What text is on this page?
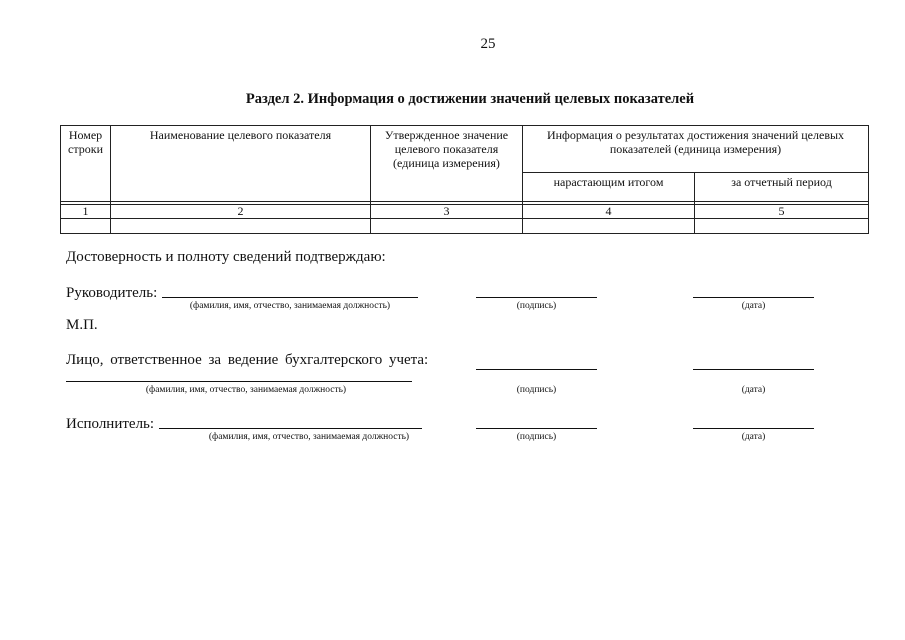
25
Раздел 2. Информация о достижении значений целевых показателей
Номер строки	Наименование целевого показателя	Утвержденное значение целевого показателя (единица измерения)	Информация о результатах достижения значений целевых показателей (единица измерения)	
			нарастающим итогом	за отчетный период

1	2	3	4	5

Достоверность и полноту сведений подтверждаю:
Руководитель:
(фамилия, имя, отчество, занимаемая должность)	(подпись)	(дата)
М.П.
Лицо, ответственное за ведение бухгалтерского учета:
(фамилия, имя, отчество, занимаемая должность)	(подпись)	(дата)
Исполнитель:
(фамилия, имя, отчество, занимаемая должность)	(подпись)	(дата)
